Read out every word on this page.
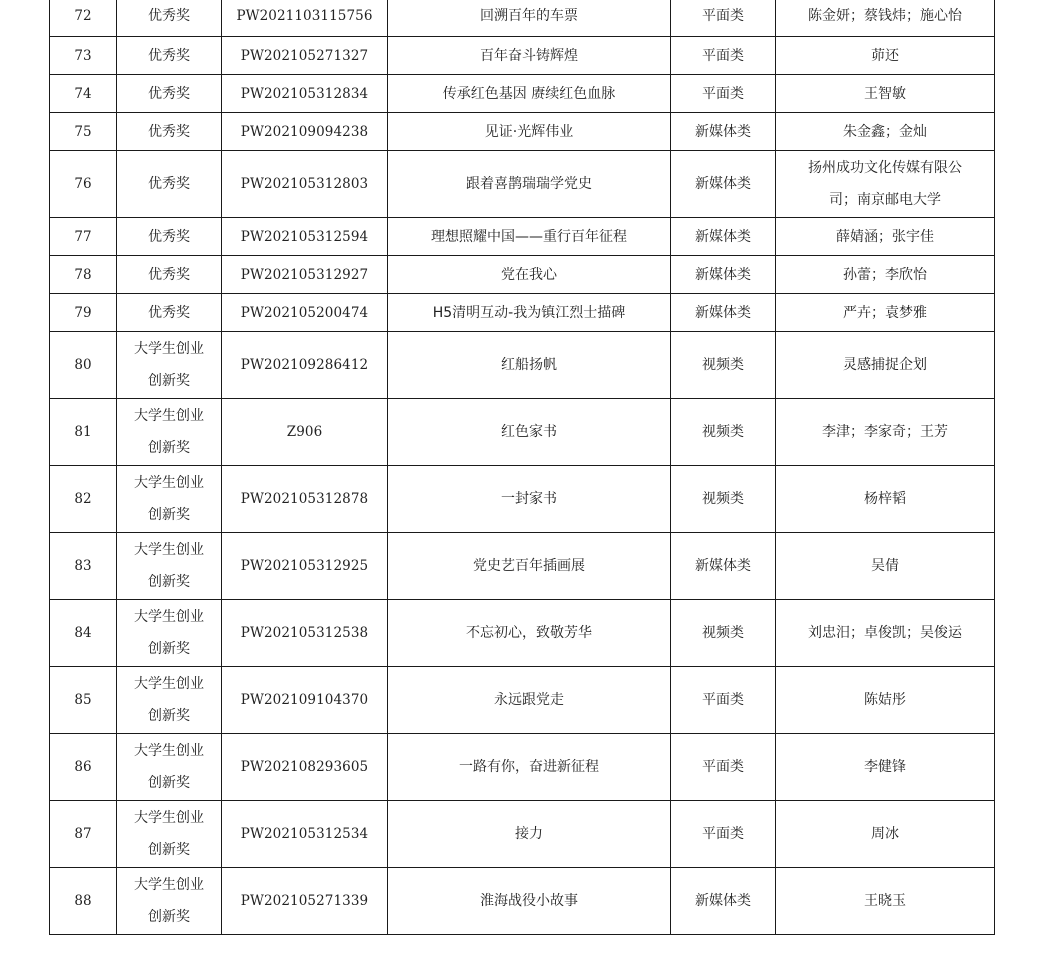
72	优秀奖	PW2021103115756	回溯百年的车票	平面类	陈金妍；蔡钱炜；施心怡
73	优秀奖	PW202105271327	百年奋斗铸辉煌	平面类	茆还
74	优秀奖	PW202105312834	传承红色基因 赓续红色血脉	平面类	王智敏
75	优秀奖	PW202109094238	见证·光辉伟业	新媒体类	朱金鑫；金灿
76	优秀奖	PW202105312803	跟着喜鹊瑞瑞学党史	新媒体类	扬州成功文化传媒有限公司；南京邮电大学
77	优秀奖	PW202105312594	理想照耀中国——重行百年征程	新媒体类	薛婧涵；张宇佳
78	优秀奖	PW202105312927	党在我心	新媒体类	孙蕾；李欣怡
79	优秀奖	PW202105200474	H5清明互动-我为镇江烈士描碑	新媒体类	严卉；袁梦雅
80	大学生创业创新奖	PW202109286412	红船扬帆	视频类	灵感捕捉企划
81	大学生创业创新奖	Z906	红色家书	视频类	李津；李家奇；王芳
82	大学生创业创新奖	PW202105312878	一封家书	视频类	杨梓韬
83	大学生创业创新奖	PW202105312925	党史艺百年插画展	新媒体类	吴倩
84	大学生创业创新奖	PW202105312538	不忘初心，致敬芳华	视频类	刘忠汨；卓俊凯；吴俊运
85	大学生创业创新奖	PW202109104370	永远跟党走	平面类	陈姞彤
86	大学生创业创新奖	PW202108293605	一路有你，奋进新征程	平面类	李健锋
87	大学生创业创新奖	PW202105312534	接力	平面类	周冰
88	大学生创业创新奖	PW202105271339	淮海战役小故事	新媒体类	王晓玉
